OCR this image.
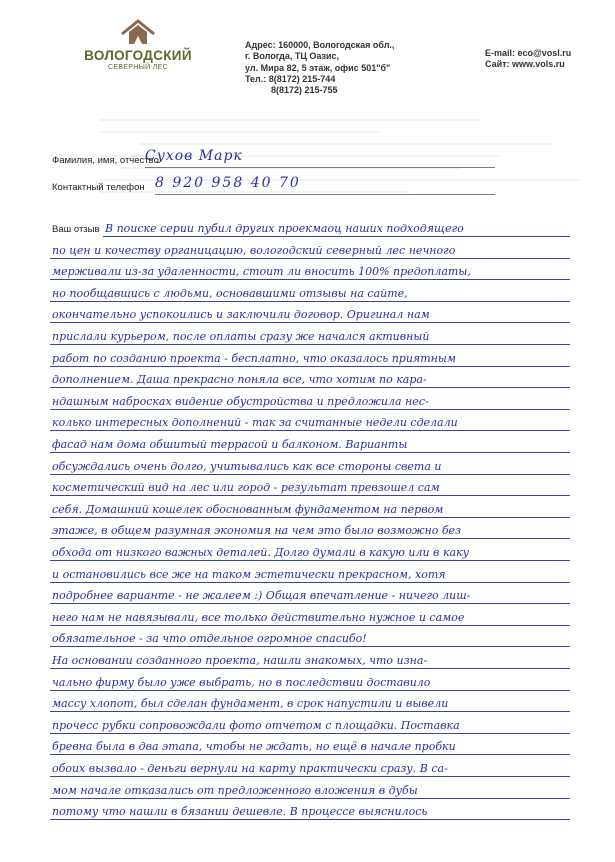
ВОЛОГОДСКИЙ
СЕВЕРНЫЙ ЛЕС
Адрес: 160000, Вологодская обл.,
г. Вологда, ТЦ Оазис,
ул. Мира 82, 5 этаж, офис 501"б"
Тел.: 8(8172) 215-744
8(8172) 215-755
E-mail: eco@vosl.ru
Сайт: www.vols.ru
Фамилия, имя, отчество
Сухов Марк
Контактный телефон 8 920 958 40 70
Ваш отзыв В поиске серии пубил других проекмаоц наших подходящего
по цен и кочеству органицацию, вологодский северный лес нечного
мерживали из-за удаленности, стоит ли вносить 100% предоплаты,
но пообщавшись с людьми, основавшими отзывы на сайте,
окончательно успокоились и заключили договор. Оригинал нам
прислали курьером, после оплаты сразу же начался активный
работ по созданию проекта - бесплатно, что оказалось приятным
дополнением. Даша прекрасно поняла все, что хотим по кара-
ндашным набросках видение обустройства и предложила нес-
колько интересных дополнений - так за считанные недели сделали
фасад нам дома обшитый террасой и балконом. Варианты
обсуждались очень долго, учитывались как все стороны света и
косметический вид на лес или город - результат превзошел сам
себя. Домашний кошелек обоснованным фундаментом на первом
этаже, в общем разумная экономия на чем это было возможно без
обхода от низкого важных деталей. Долго думали в какую или в каку
и остановились все же на таком эстетически прекрасном, хотя
подробнее варианте - не жалеем :) Общая впечатление - ничего лиш-
него нам не навязывали, все только действительно нужное и самое
обязательное - за что отдельное огромное спасибо!
На основании созданного проекта, нашли знакомых, что изна-
чально фирму было уже выбрать, но в последствии доставило
массу хлопот, был сделан фундамент, в срок напустили и вывели
прочесс рубки сопровождали фото отчетом с площадки. Поставка
бревна была в два этапа, чтобы не ждать, но ещё в начале пробки
обоих вызвало - деньги вернули на карту практически сразу. В са-
мом начале отказались от предложенного вложения в дубы
потому что нашли в бязании дешевле. В процессе выяснилось
